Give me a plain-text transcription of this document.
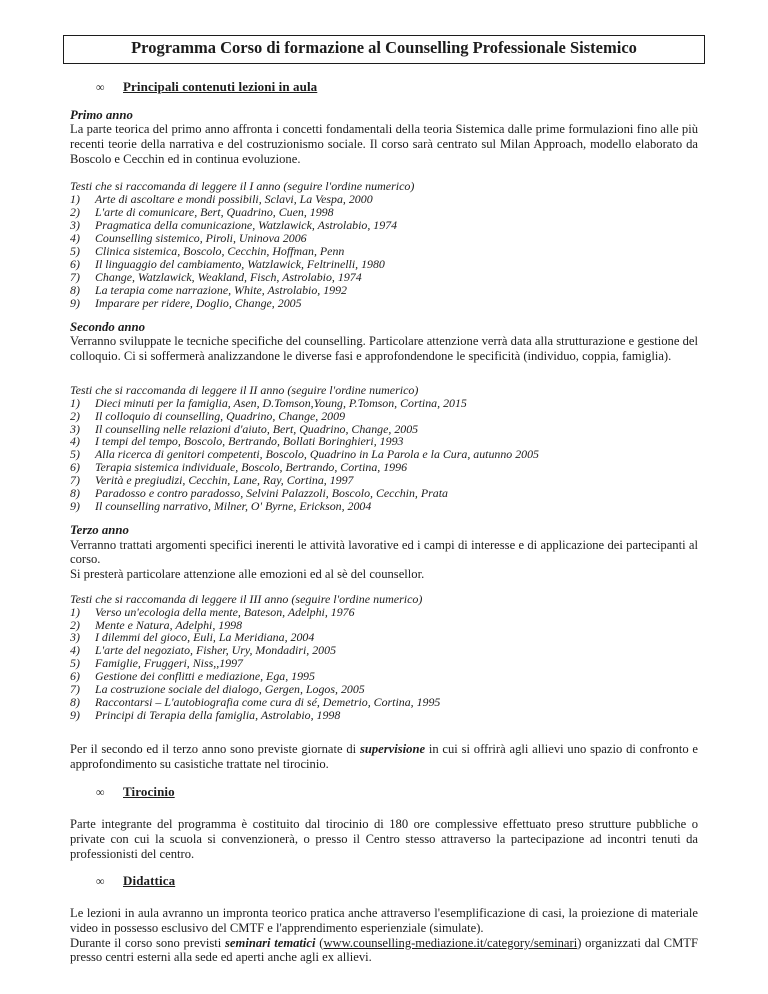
Programma Corso di formazione al Counselling Professionale Sistemico
∞	Principali contenuti lezioni in aula
Primo anno
La parte teorica del primo anno affronta i concetti fondamentali della teoria Sistemica dalle prime formulazioni fino alle più recenti teorie della narrativa e del costruzionismo sociale. Il corso sarà centrato sul Milan Approach, modello elaborato da Boscolo e Cecchin ed in continua evoluzione.
Testi che si raccomanda di leggere il I anno (seguire l'ordine numerico)
1)	Arte di ascoltare e mondi possibili, Sclavi, La Vespa, 2000
2)	L'arte di comunicare, Bert, Quadrino, Cuen, 1998
3)	Pragmatica della comunicazione, Watzlawick, Astrolabio, 1974
4)	Counselling sistemico, Piroli, Uninova 2006
5)	Clinica sistemica, Boscolo, Cecchin, Hoffman, Penn
6)	Il linguaggio del cambiamento, Watzlawick, Feltrinelli, 1980
7)	Change, Watzlawick, Weakland, Fisch, Astrolabio, 1974
8)	La terapia come narrazione, White, Astrolabio, 1992
9)	Imparare per ridere, Doglio, Change, 2005
Secondo anno
Verranno sviluppate le tecniche specifiche del counselling. Particolare attenzione verrà data alla strutturazione e gestione del colloquio. Ci si soffermerà analizzandone le diverse fasi e approfondendone le specificità (individuo, coppia, famiglia).
Testi che si raccomanda di leggere il II anno (seguire l'ordine numerico)
1)	Dieci minuti per la famiglia, Asen, D.Tomson,Young, P.Tomson, Cortina, 2015
2)	Il colloquio di counselling, Quadrino, Change, 2009
3)	Il counselling nelle relazioni d'aiuto, Bert, Quadrino, Change, 2005
4)	I tempi del tempo, Boscolo, Bertrando, Bollati Boringhieri, 1993
5)	Alla ricerca di genitori competenti, Boscolo, Quadrino in La Parola e la Cura, autunno 2005
6)	Terapia sistemica individuale, Boscolo, Bertrando, Cortina, 1996
7)	Verità e pregiudizi, Cecchin, Lane, Ray, Cortina, 1997
8)	Paradosso e contro paradosso, Selvini Palazzoli, Boscolo, Cecchin, Prata
9)	Il counselling narrativo, Milner, O' Byrne, Erickson, 2004
Terzo anno
Verranno trattati argomenti specifici inerenti le attività lavorative ed i campi di interesse e di applicazione dei partecipanti al corso.
Si presterà particolare attenzione alle emozioni ed al sè del counsellor.
Testi che si raccomanda di leggere il III anno (seguire l'ordine numerico)
1)	Verso un'ecologia della mente, Bateson, Adelphi, 1976
2)	Mente e Natura, Adelphi, 1998
3)	I dilemmi del gioco, Euli, La Meridiana, 2004
4)	L'arte del negoziato, Fisher, Ury, Mondadiri, 2005
5)	Famiglie, Fruggeri, Niss,,1997
6)	Gestione dei conflitti e mediazione, Ega, 1995
7)	La costruzione sociale del dialogo, Gergen, Logos, 2005
8)	Raccontarsi – L'autobiografia come cura di sé, Demetrio, Cortina, 1995
9)	Principi di Terapia della famiglia, Astrolabio, 1998
Per il secondo ed il terzo anno sono previste giornate di supervisione in cui si offrirà agli allievi uno spazio di confronto e approfondimento su casistiche trattate nel tirocinio.
∞	Tirocinio
Parte integrante del programma è costituito dal tirocinio di 180 ore complessive effettuato preso strutture pubbliche o private con cui la scuola si convenzionerà, o presso il Centro stesso attraverso la partecipazione ad incontri tenuti da professionisti del centro.
∞	Didattica
Le lezioni in aula avranno un impronta teorico pratica anche attraverso l'esemplificazione di casi, la proiezione di materiale video in possesso esclusivo del CMTF e l'apprendimento esperienziale (simulate).
Durante il corso sono previsti seminari tematici (www.counselling-mediazione.it/category/seminari) organizzati dal CMTF presso centri esterni alla sede ed aperti anche agli ex allievi.
